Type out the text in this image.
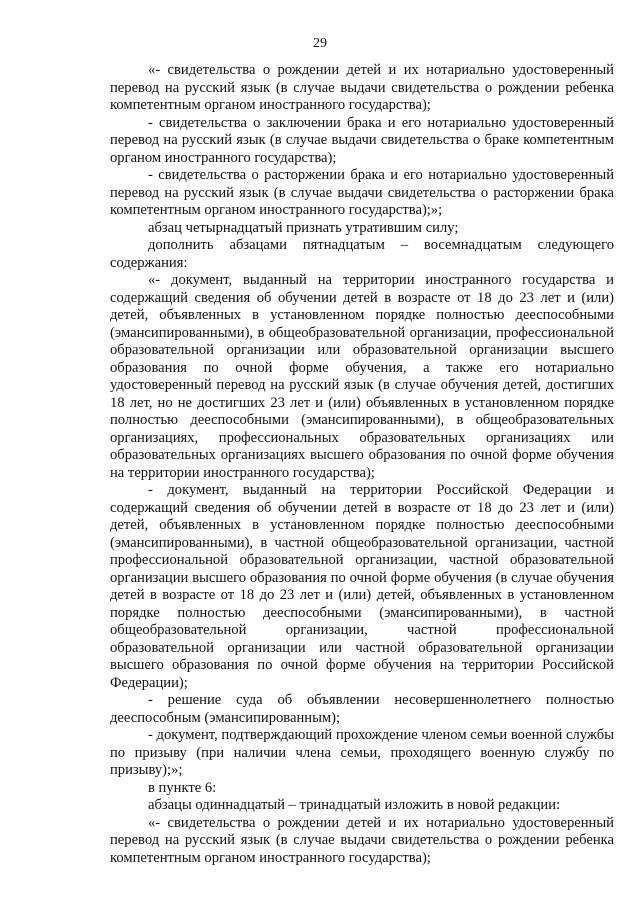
29

«- свидетельства о рождении детей и их нотариально удостоверенный перевод на русский язык (в случае выдачи свидетельства о рождении ребенка компетентным органом иностранного государства);

- свидетельства о заключении брака и его нотариально удостоверенный перевод на русский язык (в случае выдачи свидетельства о браке компетентным органом иностранного государства);

- свидетельства о расторжении брака и его нотариально удостоверенный перевод на русский язык (в случае выдачи свидетельства о расторжении брака компетентным органом иностранного государства);»;

абзац четырнадцатый признать утратившим силу;

дополнить абзацами пятнадцатым – восемнадцатым следующего содержания:

«- документ, выданный на территории иностранного государства и содержащий сведения об обучении детей в возрасте от 18 до 23 лет и (или) детей, объявленных в установленном порядке полностью дееспособными (эмансипированными), в общеобразовательной организации, профессиональной образовательной организации или образовательной организации высшего образования по очной форме обучения, а также его нотариально удостоверенный перевод на русский язык (в случае обучения детей, достигших 18 лет, но не достигших 23 лет и (или) объявленных в установленном порядке полностью дееспособными (эмансипированными), в общеобразовательных организациях, профессиональных образовательных организациях или образовательных организациях высшего образования по очной форме обучения на территории иностранного государства);

- документ, выданный на территории Российской Федерации и содержащий сведения об обучении детей в возрасте от 18 до 23 лет и (или) детей, объявленных в установленном порядке полностью дееспособными (эмансипированными), в частной общеобразовательной организации, частной профессиональной образовательной организации, частной образовательной организации высшего образования по очной форме обучения (в случае обучения детей в возрасте от 18 до 23 лет и (или) детей, объявленных в установленном порядке полностью дееспособными (эмансипированными), в частной общеобразовательной организации, частной профессиональной образовательной организации или частной образовательной организации высшего образования по очной форме обучения на территории Российской Федерации);

- решение суда об объявлении несовершеннолетнего полностью дееспособным (эмансипированным);

- документ, подтверждающий прохождение членом семьи военной службы по призыву (при наличии члена семьи, проходящего военную службу по призыву);»;

в пункте 6:

абзацы одиннадцатый – тринадцатый изложить в новой редакции:

«- свидетельства о рождении детей и их нотариально удостоверенный перевод на русский язык (в случае выдачи свидетельства о рождении ребенка компетентным органом иностранного государства);
